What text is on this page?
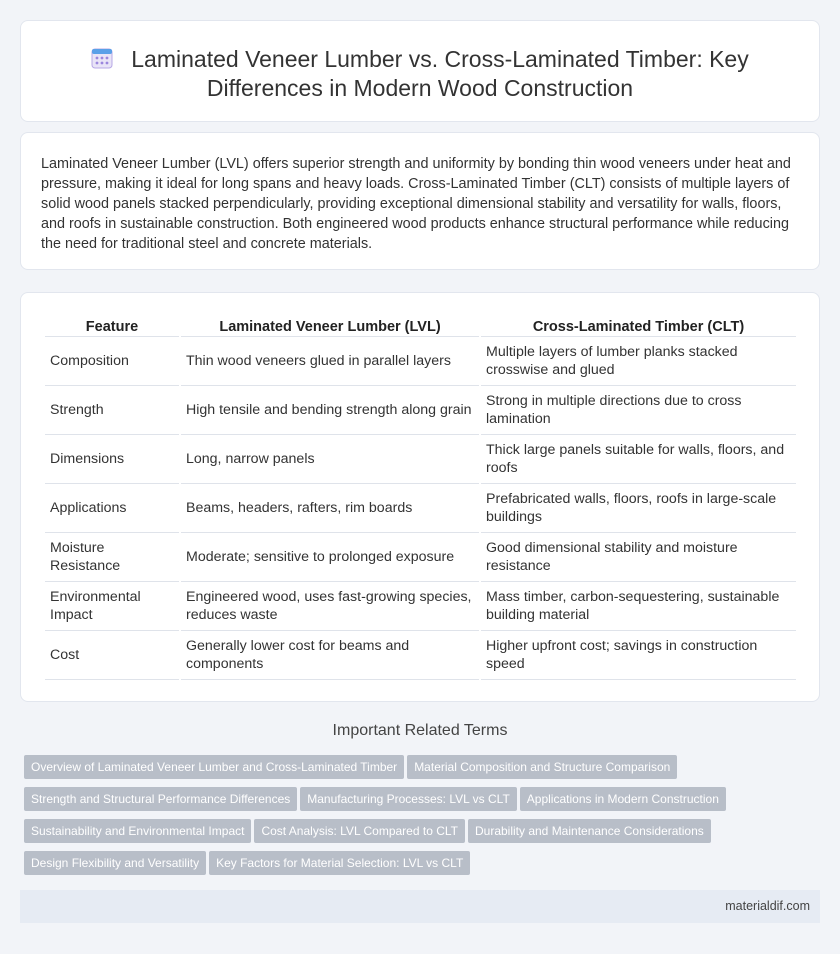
Laminated Veneer Lumber vs. Cross-Laminated Timber: Key Differences in Modern Wood Construction

Laminated Veneer Lumber (LVL) offers superior strength and uniformity by bonding thin wood veneers under heat and pressure, making it ideal for long spans and heavy loads. Cross-Laminated Timber (CLT) consists of multiple layers of solid wood panels stacked perpendicularly, providing exceptional dimensional stability and versatility for walls, floors, and roofs in sustainable construction. Both engineered wood products enhance structural performance while reducing the need for traditional steel and concrete materials.

Feature	Laminated Veneer Lumber (LVL)	Cross-Laminated Timber (CLT)
Composition	Thin wood veneers glued in parallel layers	Multiple layers of lumber planks stacked crosswise and glued
Strength	High tensile and bending strength along grain	Strong in multiple directions due to cross lamination
Dimensions	Long, narrow panels	Thick large panels suitable for walls, floors, and roofs
Applications	Beams, headers, rafters, rim boards	Prefabricated walls, floors, roofs in large-scale buildings
Moisture Resistance	Moderate; sensitive to prolonged exposure	Good dimensional stability and moisture resistance
Environmental Impact	Engineered wood, uses fast-growing species, reduces waste	Mass timber, carbon-sequestering, sustainable building material
Cost	Generally lower cost for beams and components	Higher upfront cost; savings in construction speed
Important Related Terms
Overview of Laminated Veneer Lumber and Cross-Laminated Timber Material Composition and Structure Comparison
Strength and Structural Performance Differences Manufacturing Processes: LVL vs CLT Applications in Modern Construction
Sustainability and Environmental Impact Cost Analysis: LVL Compared to CLT Durability and Maintenance Considerations
Design Flexibility and Versatility Key Factors for Material Selection: LVL vs CLT
materialdif.com
